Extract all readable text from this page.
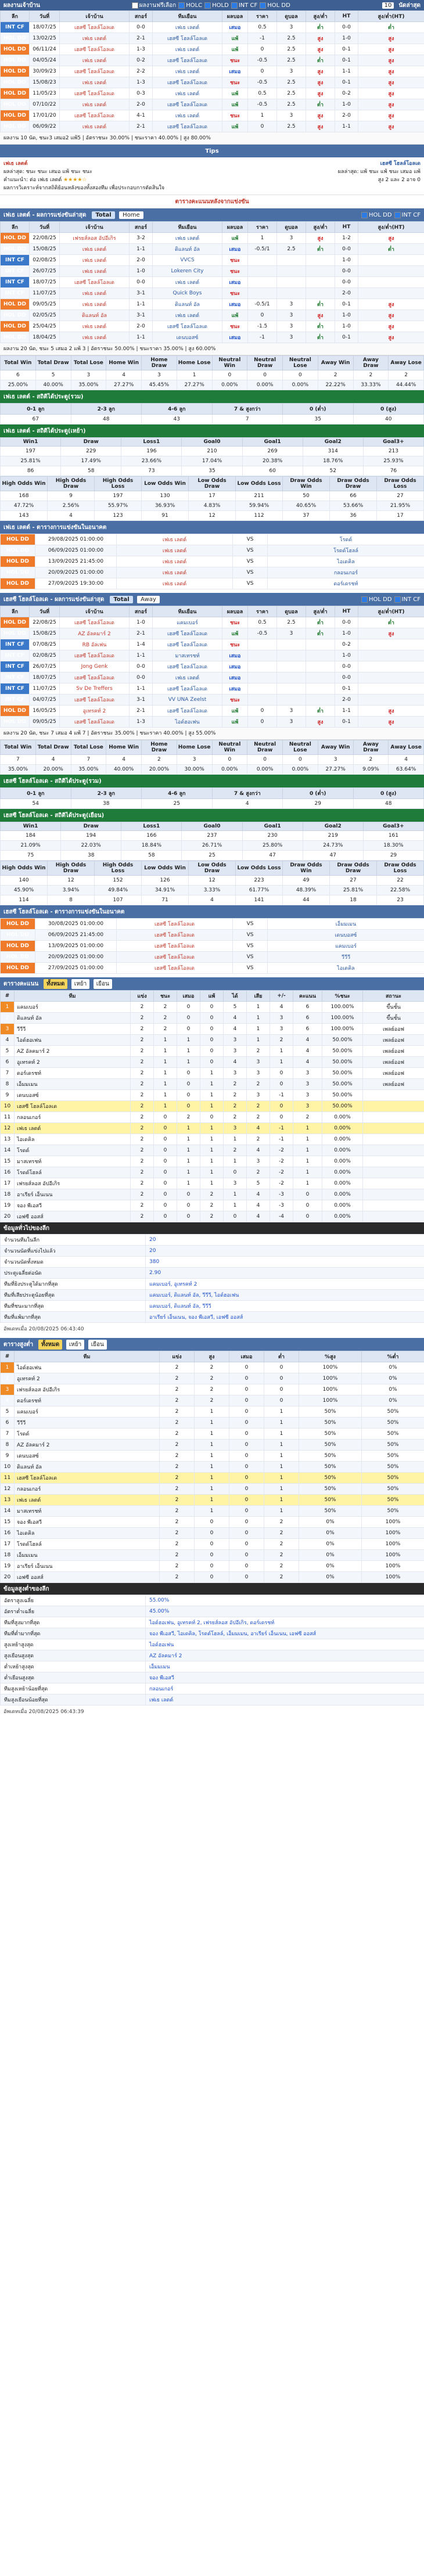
ผลงานเจ้าบ้าน	ผลงานฟรีเลือก HOLC HOLD INT CF HOL DD	10	นัดล่าสุด
ลีก	วันที่	เจ้าบ้าน	สกอร์	ทีมเยือน	ผลบอล	ราคา	ดูบอล	สูง/ต่ำ	HT	สูง/ต่ำ(HT)
INT CF	18/07/25	เฮสซี โฮลล์โอลเด	0-0	เฟเธ เลตต์	เสมอ	0.5	3	ต่ำ	0-0	ต่ำ
HOL DD	13/02/25	เฟเธ เลตต์	2-1	เฮสซี โฮลล์โอลเด	แพ้	-1	2.5	สูง	1-0	สูง
HOL DD	06/11/24	เฮสซี โฮลล์โอลเด	1-3	เฟเธ เลตต์	แพ้	0	2.5	สูง	0-1	สูง
HOL DD	04/05/24	เฟเธ เลตต์	0-2	เฮสซี โฮลล์โอลเด	ชนะ	-0.5	2.5	ต่ำ	0-1	สูง
HOL DD	30/09/23	เฮสซี โฮลล์โอลเด	2-2	เฟเธ เลตต์	เสมอ	0	3	สูง	1-1	สูง
HOL DD	15/08/23	เฟเธ เลตต์	1-3	เฮสซี โฮลล์โอลเด	ชนะ	-0.5	2.5	สูง	0-1	สูง
HOL DD	11/05/23	เฮสซี โฮลล์โอลเด	0-3	เฟเธ เลตต์	แพ้	0.5	2.5	สูง	0-2	สูง
HOL DD	07/10/22	เฟเธ เลตต์	2-0	เฮสซี โฮลล์โอลเด	แพ้	-0.5	2.5	ต่ำ	1-0	สูง
HOL DD	17/01/20	เฮสซี โฮลล์โอลเด	4-1	เฟเธ เลตต์	ชนะ	1	3	สูง	2-0	สูง
HOL DD	06/09/22	เฟเธ เลตต์	2-1	เฮสซี โฮลล์โอลเด	แพ้	0	2.5	สูง	1-1	สูง
ผลงาน 10 นัด, ชนะ3 เสมอ2 แพ้5 | อัตราชนะ 30.00% | ชนะราคา 40.00% | สูง 80.00%
Tips
เฟเธ เลตต์	เฮสซี โฮลล์โอลเด
ผลล่าสุด: ชนะ ชนะ เสมอ แพ้ ชนะ ชนะ	ผลล่าสุด: แพ้ ชนะ แพ้ ชนะ เสมอ แพ้
คำแนะนำ: ต่อ เฟเธ เลตต์ ★★★★☆	สูง 2 และ 2 อาจ 0
ผลการวิเคราะห์จากสถิติย้อนหลังของทั้งสองทีม เพื่อประกอบการตัดสินใจ
ตารางคะแนนหลังจากแข่งขัน
เฟเธ เลตต์ - ผลการแข่งขันล่าสุด	Total Home	HOL DD INT CF
ลีก	วันที่	เจ้าบ้าน	สกอร์	ทีมเยือน	ผลบอล	ราคา	ดูบอล	สูง/ต่ำ	HT	สูง/ต่ำ(HT)
HOL DD	22/08/25	เฟรยส์ลอส อัปอีเกิร	3-2	เฟเธ เลตต์	แพ้	1	3	สูง	1-2	สูง
HOL DD	15/08/25	เฟเธ เลตต์	1-1	ดิแลนท์ อัล	เสมอ	-0.5/1	2.5	ต่ำ	0-0	ต่ำ
INT CF	02/08/25	เฟเธ เลตต์	2-0	VVCS	ชนะ				1-0	
INT CF	26/07/25	เฟเธ เลตต์	1-0	Lokeren City	ชนะ				0-0	
INT CF	18/07/25	เฮสซี โฮลล์โอลเด	0-0	เฟเธ เลตต์	เสมอ				0-0	
INT CF	11/07/25	เฟเธ เลตต์	3-1	Quick Boys	ชนะ				2-0	
HOL DD	09/05/25	เฟเธ เลตต์	1-1	ดิแลนท์ อัล	เสมอ	-0.5/1	3	ต่ำ	0-1	สูง
HOL DD	02/05/25	ดิแลนท์ อัล	3-1	เฟเธ เลตต์	แพ้	0	3	สูง	1-0	สูง
HOL DD	25/04/25	เฟเธ เลตต์	2-0	เฮสซี โฮลล์โอลเด	ชนะ	-1.5	3	ต่ำ	1-0	สูง
HOL DD	18/04/25	เฟเธ เลตต์	1-1	เดนบอสซ์	เสมอ	-1	3	ต่ำ	0-1	สูง
ผลงาน 20 นัด, ชนะ 5 เสมอ 2 แพ้ 3 | อัตราชนะ 50.00% | ชนะราคา 35.00% | สูง 60.00%
Total Win	Total Draw	Total Lose	Home Win	Home Draw	Home Lose	Neutral Win	Neutral Draw	Neutral Lose	Away Win	Away Draw	Away Lose
6	5	3	4	3	1	0	0	0	2	2	2
25.00%	40.00%	35.00%	27.27%	45.45%	27.27%	0.00%	0.00%	0.00%	22.22%	33.33%	44.44%
เฟเธ เลตต์ - สถิติได้ประตู(รวม)
0-1 ลูก	2-3 ลูก	4-6 ลูก	7 & สูงกว่า	0 (ต่ำ)	0 (สูง)
67	48	43	7	35	40
เฟเธ เลตต์ - สถิติได้ประตู(เหย้า)
Win1	Draw	Loss1	Goal0	Goal1	Goal2	Goal3+
197	229	196	210	269	314	213
25.81%	17.49%	23.66%	17.04%	20.38%	18.76%	25.93%
86	58	73	35	60	52	76
High Odds Win	High Odds Draw	High Odds Loss	Low Odds Win	Low Odds Draw	Low Odds Loss	Draw Odds Win	Draw Odds Draw	Draw Odds Loss
168	9	197	130	17	211	50	66	27
47.72%	2.56%	55.97%	36.93%	4.83%	59.94%	40.65%	53.66%	21.95%
143	4	123	91	12	112	37	36	17
เฟเธ เลตต์ - ตารางการแข่งขันในอนาคต
HOL DD	29/08/2025 01:00:00	เฟเธ เลตต์	VS	โรดด์
HOL DD	06/09/2025 01:00:00	เฟเธ เลตต์	VS	โรดด์โฮลล์
HOL DD	13/09/2025 21:45:00	เฟเธ เลตต์	VS	ไอเดคิล
HOL DD	20/09/2025 01:00:00	เฟเธ เลตต์	VS	กลอนเกอร์
HOL DD	27/09/2025 19:30:00	เฟเธ เลตต์	VS	ดอร์เดรชท์
เฮสซี โฮลล์โอลเด - ผลการแข่งขันล่าสุด	Total Away	HOL DD INT CF
ลีก	วันที่	เจ้าบ้าน	สกอร์	ทีมเยือน	ผลบอล	ราคา	ดูบอล	สูง/ต่ำ	HT	สูง/ต่ำ(HT)
HOL DD	22/08/25	เฮสซี โฮลล์โอลเด	1-0	แคมเบอร์	ชนะ	0.5	2.5	ต่ำ	0-0	ต่ำ
HOL DD	15/08/25	AZ อัลคมาร์ 2	2-1	เฮสซี โฮลล์โอลเด	แพ้	-0.5	3	ต่ำ	1-0	สูง
INT CF	07/08/25	RB อัลเฟน	1-4	เฮสซี โฮลล์โอลเด	ชนะ				0-2	
INT CF	02/08/25	เฮสซี โฮลล์โอลเด	1-1	มาสเทรชท์	เสมอ				1-0	
INT CF	26/07/25	Jong Genk	0-0	เฮสซี โฮลล์โอลเด	เสมอ				0-0	
INT CF	18/07/25	เฮสซี โฮลล์โอลเด	0-0	เฟเธ เลตต์	เสมอ				0-0	
INT CF	11/07/25	Sv De Treffers	1-1	เฮสซี โฮลล์โอลเด	เสมอ				0-1	
INT CF	04/07/25	เฮสซี โฮลล์โอลเด	3-1	VV UNA Zeelst	ชนะ				2-0	
HOL DD	16/05/25	อูเทรคท์ 2	2-1	เฮสซี โฮลล์โอลเด	แพ้	0	3	ต่ำ	1-1	สูง
HOL DD	09/05/25	เฮสซี โฮลล์โอลเด	1-3	ไอด์ฮอเฟน	แพ้	0	3	สูง	0-1	สูง
ผลงาน 20 นัด, ชนะ 7 เสมอ 4 แพ้ 7 | อัตราชนะ 35.00% | ชนะราคา 40.00% | สูง 55.00%
Total Win	Total Draw	Total Lose	Home Win	Home Draw	Home Lose	Neutral Win	Neutral Draw	Neutral Lose	Away Win	Away Draw	Away Lose
7	4	7	4	2	3	0	0	0	3	2	4
35.00%	20.00%	35.00%	40.00%	20.00%	30.00%	0.00%	0.00%	0.00%	27.27%	9.09%	63.64%
เฮสซี โฮลล์โอลเด - สถิติได้ประตู(รวม)
0-1 ลูก	2-3 ลูก	4-6 ลูก	7 & สูงกว่า	0 (ต่ำ)	0 (สูง)
54	38	25	4	29	48
เฮสซี โฮลล์โอลเด - สถิติได้ประตู(เยือน)
Win1	Draw	Loss1	Goal0	Goal1	Goal2	Goal3+
184	194	166	237	230	219	161
21.09%	22.03%	18.84%	26.71%	25.80%	24.73%	18.30%
75	38	58	25	47	47	29
High Odds Win	High Odds Draw	High Odds Loss	Low Odds Win	Low Odds Draw	Low Odds Loss	Draw Odds Win	Draw Odds Draw	Draw Odds Loss
140	12	152	126	12	223	49	27	22
45.90%	3.94%	49.84%	34.91%	3.33%	61.77%	48.39%	25.81%	22.58%
114	8	107	71	4	141	44	18	23
เฮสซี โฮลล์โอลเด - ตารางการแข่งขันในอนาคต
HOL DD	30/08/2025 01:00:00	เฮสซี โฮลล์โอลเด	VS	เอ็มมเมน
HOL DD	06/09/2025 21:45:00	เฮสซี โฮลล์โอลเด	VS	เดนบอสซ์
HOL DD	13/09/2025 01:00:00	เฮสซี โฮลล์โอลเด	VS	แคมเบอร์
HOL DD	20/09/2025 01:00:00	เฮสซี โฮลล์โอลเด	VS	วีวีวี
HOL DD	27/09/2025 01:00:00	เฮสซี โฮลล์โอลเด	VS	ไอเดคิล
ตารางคะแนน	ทั้งหมด เหย้า เยือน
#	ทีม	แข่ง	ชนะ	เสมอ	แพ้	ได้	เสีย	+/-	คะแนน	%ชนะ	สถานะ
1	แคมเบอร์	2	2	0	0	5	1	4	6	100.00%	ขึ้นชั้น
2	ดิแลนท์ อัล	2	2	0	0	4	1	3	6	100.00%	ขึ้นชั้น
3	วีวีวี	2	2	0	0	4	1	3	6	100.00%	เพลย์ออฟ
4	ไอด์ฮอเฟน	2	1	1	0	3	1	2	4	50.00%	เพลย์ออฟ
5	AZ อัลคมาร์ 2	2	1	1	0	3	2	1	4	50.00%	เพลย์ออฟ
6	อูเทรคท์ 2	2	1	1	0	4	3	1	4	50.00%	เพลย์ออฟ
7	ดอร์เดรชท์	2	1	0	1	3	3	0	3	50.00%	เพลย์ออฟ
8	เอ็มมเมน	2	1	0	1	2	2	0	3	50.00%	เพลย์ออฟ
9	เดนบอสซ์	2	1	0	1	2	3	-1	3	50.00%	
10	เฮสซี โฮลล์โอลเด	2	1	0	1	2	2	0	3	50.00%	
11	กลอนเกอร์	2	0	2	0	2	2	0	2	0.00%	
12	เฟเธ เลตต์	2	0	1	1	3	4	-1	1	0.00%	
13	ไอเดคิล	2	0	1	1	1	2	-1	1	0.00%	
14	โรดด์	2	0	1	1	2	4	-2	1	0.00%	
15	มาสเทรชท์	2	0	1	1	1	3	-2	1	0.00%	
16	โรดด์โฮลล์	2	0	1	1	0	2	-2	1	0.00%	
17	เฟรยส์ลอส อัปอีเกิร	2	0	1	1	3	5	-2	1	0.00%	
18	อาเรียร์ เอ็นเนน	2	0	0	2	1	4	-3	0	0.00%	
19	จอง พีเอสวี	2	0	0	2	1	4	-3	0	0.00%	
20	เอฟซี ออสส์	2	0	0	2	0	4	-4	0	0.00%	
ข้อมูลทั่วไปของลีก
จำนวนทีมในลีก	20
จำนวนนัดที่แข่งไปแล้ว	20
จำนวนนัดทั้งหมด	380
ประตูเฉลี่ยต่อนัด	2.90
ทีมที่ยิงประตูได้มากที่สุด	แคมเบอร์, อูเทรคท์ 2
ทีมที่เสียประตูน้อยที่สุด	แคมเบอร์, ดิแลนท์ อัล, วีวีวี, ไอด์ฮอเฟน
ทีมที่ชนะมากที่สุด	แคมเบอร์, ดิแลนท์ อัล, วีวีวี
ทีมที่แพ้มากที่สุด	อาเรียร์ เอ็นเนน, จอง พีเอสวี, เอฟซี ออสส์
อัพเดทเมื่อ 20/08/2025 06:43:40
ตารางสูงต่ำ	ทั้งหมด เหย้า เยือน
#	ทีม	แข่ง	สูง	เสมอ	ต่ำ	%สูง	%ต่ำ
1	ไอด์ฮอเฟน	2	2	0	0	100%	0%
2	อูเทรคท์ 2	2	2	0	0	100%	0%
3	เฟรยส์ลอส อัปอีเกิร	2	2	0	0	100%	0%
4	ดอร์เดรชท์	2	2	0	0	100%	0%
5	แคมเบอร์	2	1	0	1	50%	50%
6	วีวีวี	2	1	0	1	50%	50%
7	โรดด์	2	1	0	1	50%	50%
8	AZ อัลคมาร์ 2	2	1	0	1	50%	50%
9	เดนบอสซ์	2	1	0	1	50%	50%
10	ดิแลนท์ อัล	2	1	0	1	50%	50%
11	เฮสซี โฮลล์โอลเด	2	1	0	1	50%	50%
12	กลอนเกอร์	2	1	0	1	50%	50%
13	เฟเธ เลตต์	2	1	0	1	50%	50%
14	มาสเทรชท์	2	1	0	1	50%	50%
15	จอง พีเอสวี	2	0	0	2	0%	100%
16	ไอเดคิล	2	0	0	2	0%	100%
17	โรดด์โฮลล์	2	0	0	2	0%	100%
18	เอ็มมเมน	2	0	0	2	0%	100%
19	อาเรียร์ เอ็นเนน	2	0	0	2	0%	100%
20	เอฟซี ออสส์	2	0	0	2	0%	100%
ข้อมูลสูงต่ำของลีก
อัตราสูงเฉลี่ย	55.00%
อัตราต่ำเฉลี่ย	45.00%
ทีมที่สูงมากที่สุด	ไอด์ฮอเฟน, อูเทรคท์ 2, เฟรยส์ลอส อัปอีเกิร, ดอร์เดรชท์
ทีมที่ต่ำมากที่สุด	จอง พีเอสวี, ไอเดคิล, โรดด์โฮลล์, เอ็มมเมน, อาเรียร์ เอ็นเนน, เอฟซี ออสส์
สูงเหย้าสูงสุด	ไอด์ฮอเฟน
สูงเยือนสูงสุด	AZ อัลคมาร์ 2
ต่ำเหย้าสูงสุด	เอ็มมเมน
ต่ำเยือนสูงสุด	จอง พีเอสวี
ทีมสูงเหย้าน้อยที่สุด	กลอนเกอร์
ทีมสูงเยือนน้อยที่สุด	เฟเธ เลตต์
อัพเดทเมื่อ 20/08/2025 06:43:39
